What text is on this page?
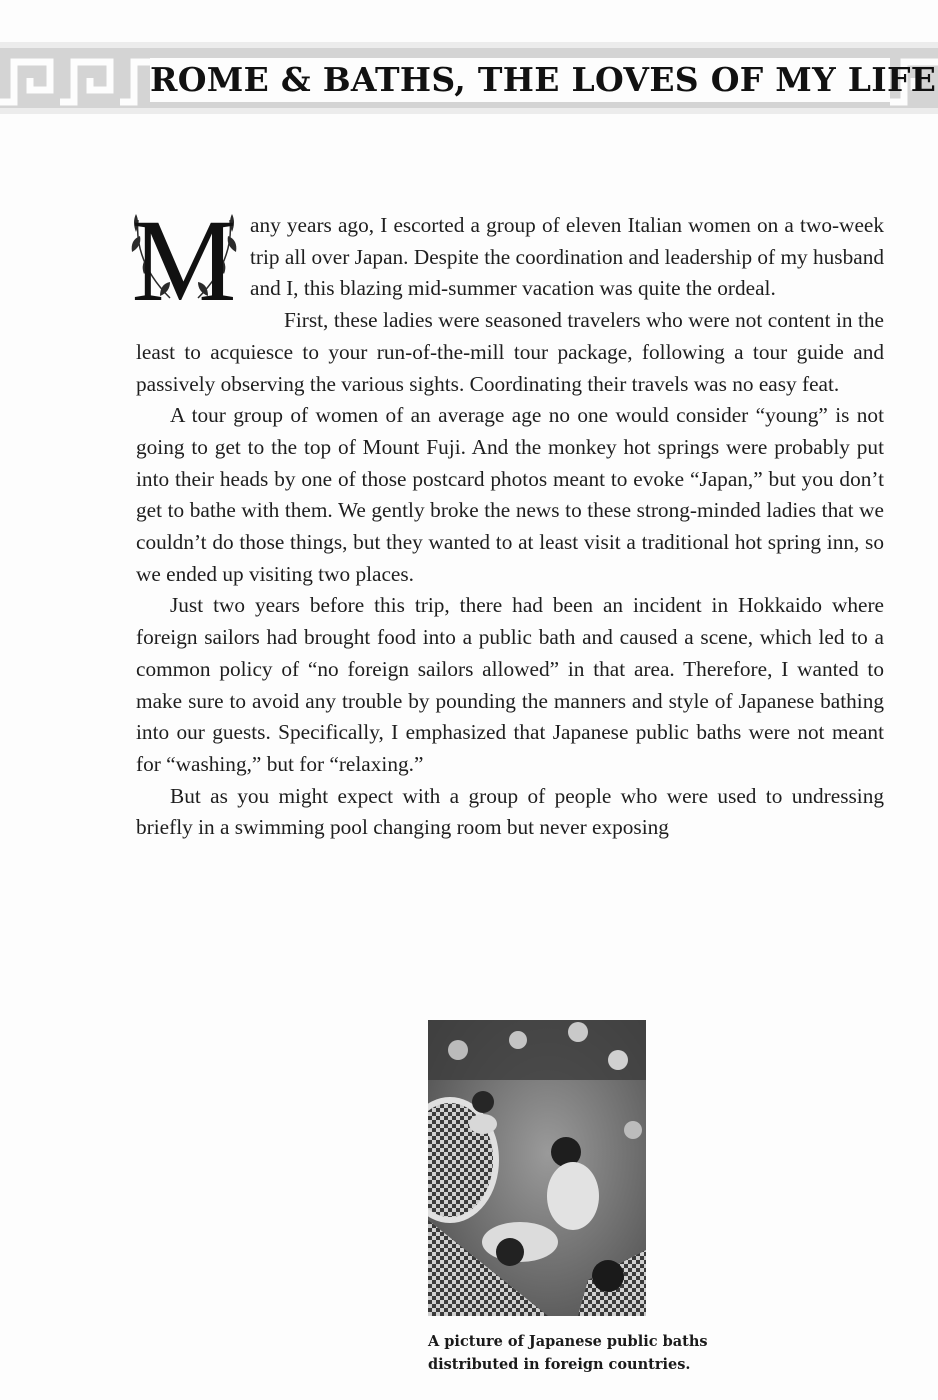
ROME & BATHS, THE LOVES OF MY LIFE

M any years ago, I escorted a group of eleven Italian women on a two-week trip all over Japan. Despite the coordination and leadership of my husband and I, this blazing mid-summer vacation was quite the ordeal.

First, these ladies were seasoned travelers who were not content in the least to acquiesce to your run-of-the-mill tour package, following a tour guide and passively observing the various sights. Coordinating their travels was no easy feat.

A tour group of women of an average age no one would consider “young” is not going to get to the top of Mount Fuji. And the monkey hot springs were probably put into their heads by one of those postcard photos meant to evoke “Japan,” but you don’t get to bathe with them. We gently broke the news to these strong-minded ladies that we couldn’t do those things, but they wanted to at least visit a traditional hot spring inn, so we ended up visiting two places.

Just two years before this trip, there had been an incident in Hokkaido where foreign sailors had brought food into a public bath and caused a scene, which led to a common policy of “no foreign sailors allowed” in that area. Therefore, I wanted to make sure to avoid any trouble by pounding the manners and style of Japanese bathing into our guests. Specifically, I emphasized that Japanese public baths were not meant for “washing,” but for “relaxing.”

But as you might expect with a group of people who were used to undressing briefly in a swimming pool changing room but never exposing

A picture of Japanese public baths
distributed in foreign countries.
